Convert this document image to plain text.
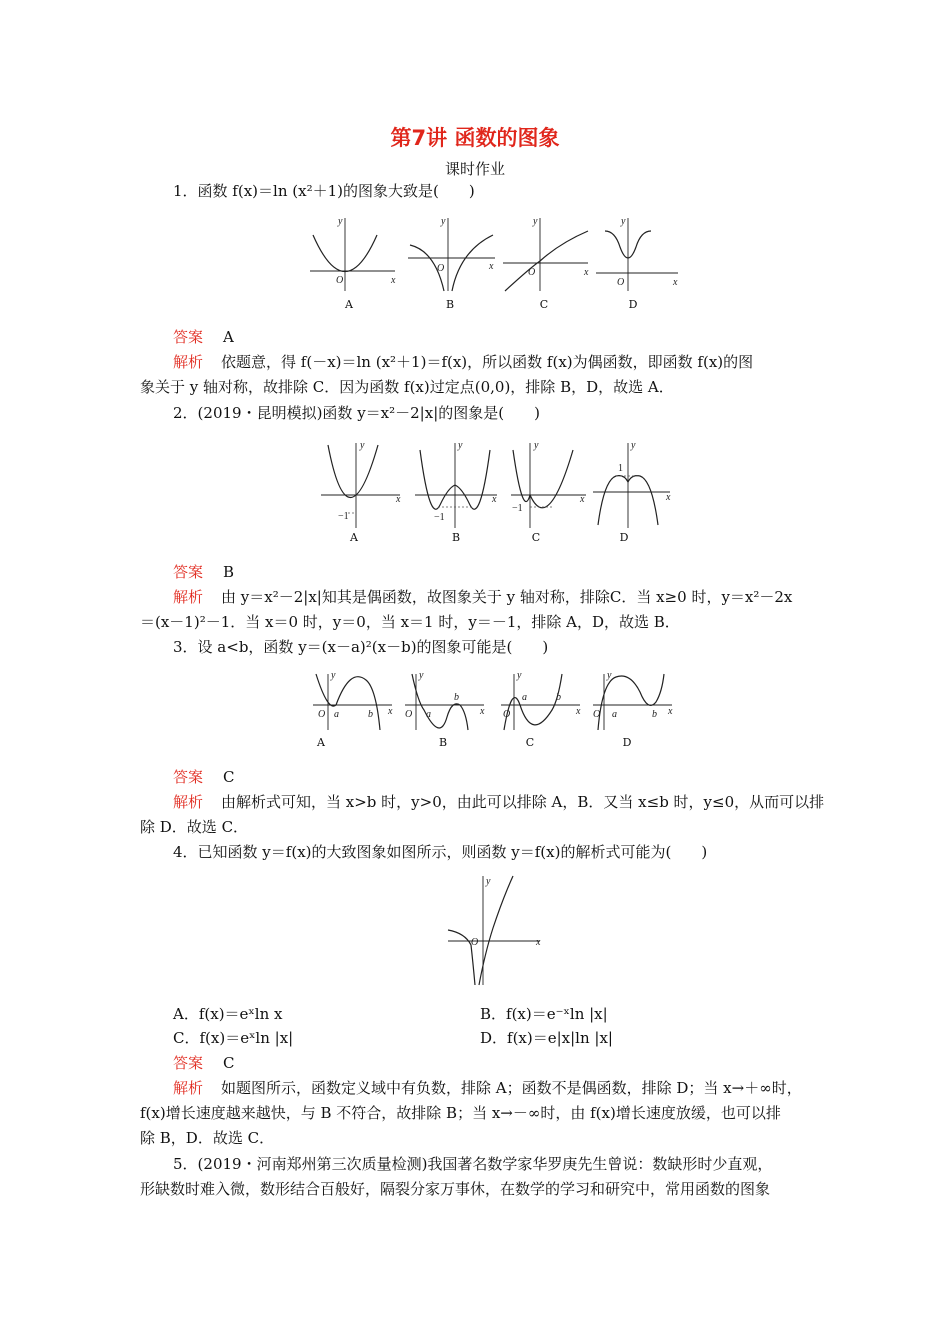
第7讲 函数的图象
课时作业
1．函数 f(x)＝ln (x²＋1)的图象大致是(　　)
x
y
O
x
y
O	x
y
O
x
y
O
A	B	C	D
答案 A
解析 依题意，得 f(－x)＝ln (x²＋1)＝f(x)，所以函数 f(x)为偶函数，即函数 f(x)的图
象关于 y 轴对称，故排除 C．因为函数 f(x)过定点(0,0)，排除 B，D，故选 A．
2．(2019・昆明模拟)函数 y＝x²－2|x|的图象是(　　)
x
y
−1
x
y
−1
x
y
−1
x
y
1
A	B	C	D
答案 B
解析 由 y＝x²－2|x|知其是偶函数，故图象关于 y 轴对称，排除C．当 x≥0 时，y＝x²－2x
＝(x－1)²－1．当 x＝0 时，y＝0，当 x＝1 时，y＝－1，排除 A，D，故选 B．
3．设 a<b，函数 y＝(x－a)²(x－b)的图象可能是(　　)
x
y
O a	b	x
y
O a
b
x
y
O
a	b
x
y
O a	b
A	B	C	D
答案 C
解析 由解析式可知，当 x>b 时，y>0，由此可以排除 A，B．又当 x≤b 时，y≤0，从而可以排
除 D．故选 C．
4．已知函数 y＝f(x)的大致图象如图所示，则函数 y＝f(x)的解析式可能为(　　)
x
y
O
A．f(x)＝eˣln x	B．f(x)＝e⁻ˣln |x|
C．f(x)＝eˣln |x|	D．f(x)＝e|x|ln |x|
答案 C
解析 如题图所示，函数定义域中有负数，排除 A；函数不是偶函数，排除 D；当 x→＋∞时，
f(x)增长速度越来越快，与 B 不符合，故排除 B；当 x→－∞时，由 f(x)增长速度放缓，也可以排
除 B，D．故选 C．
5．(2019・河南郑州第三次质量检测)我国著名数学家华罗庚先生曾说：数缺形时少直观，
形缺数时难入微，数形结合百般好，隔裂分家万事休，在数学的学习和研究中，常用函数的图象
